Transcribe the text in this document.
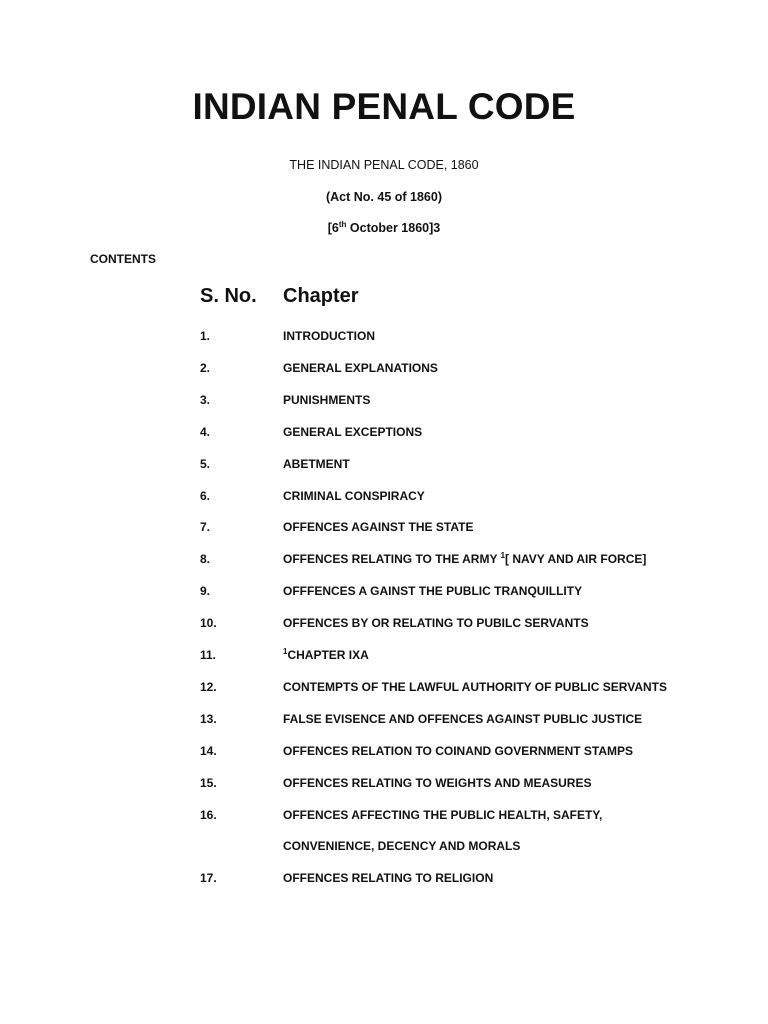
INDIAN PENAL CODE
THE INDIAN PENAL CODE, 1860
(Act No. 45 of 1860)
[6th October 1860]3
CONTENTS
S. No. Chapter
1.	INTRODUCTION
2.	GENERAL EXPLANATIONS
3.	PUNISHMENTS
4.	GENERAL EXCEPTIONS
5.	ABETMENT
6.	CRIMINAL CONSPIRACY
7.	OFFENCES AGAINST THE STATE
8.	OFFENCES RELATING TO THE ARMY $^1$[ NAVY AND AIR FORCE]
9.	OFFFENCES A GAINST THE PUBLIC TRANQUILLITY
10.	OFFENCES BY OR RELATING TO PUBILC SERVANTS
11.	$^1$CHAPTER IXA
12.	CONTEMPTS OF THE LAWFUL AUTHORITY OF PUBLIC SERVANTS
13.	FALSE EVISENCE AND OFFENCES AGAINST PUBLIC JUSTICE
14.	OFFENCES RELATION TO COINAND GOVERNMENT STAMPS
15.	OFFENCES RELATING TO WEIGHTS AND MEASURES
16.	OFFENCES AFFECTING THE PUBLIC HEALTH, SAFETY,
CONVENIENCE, DECENCY AND MORALS
17.	OFFENCES RELATING TO RELIGION
